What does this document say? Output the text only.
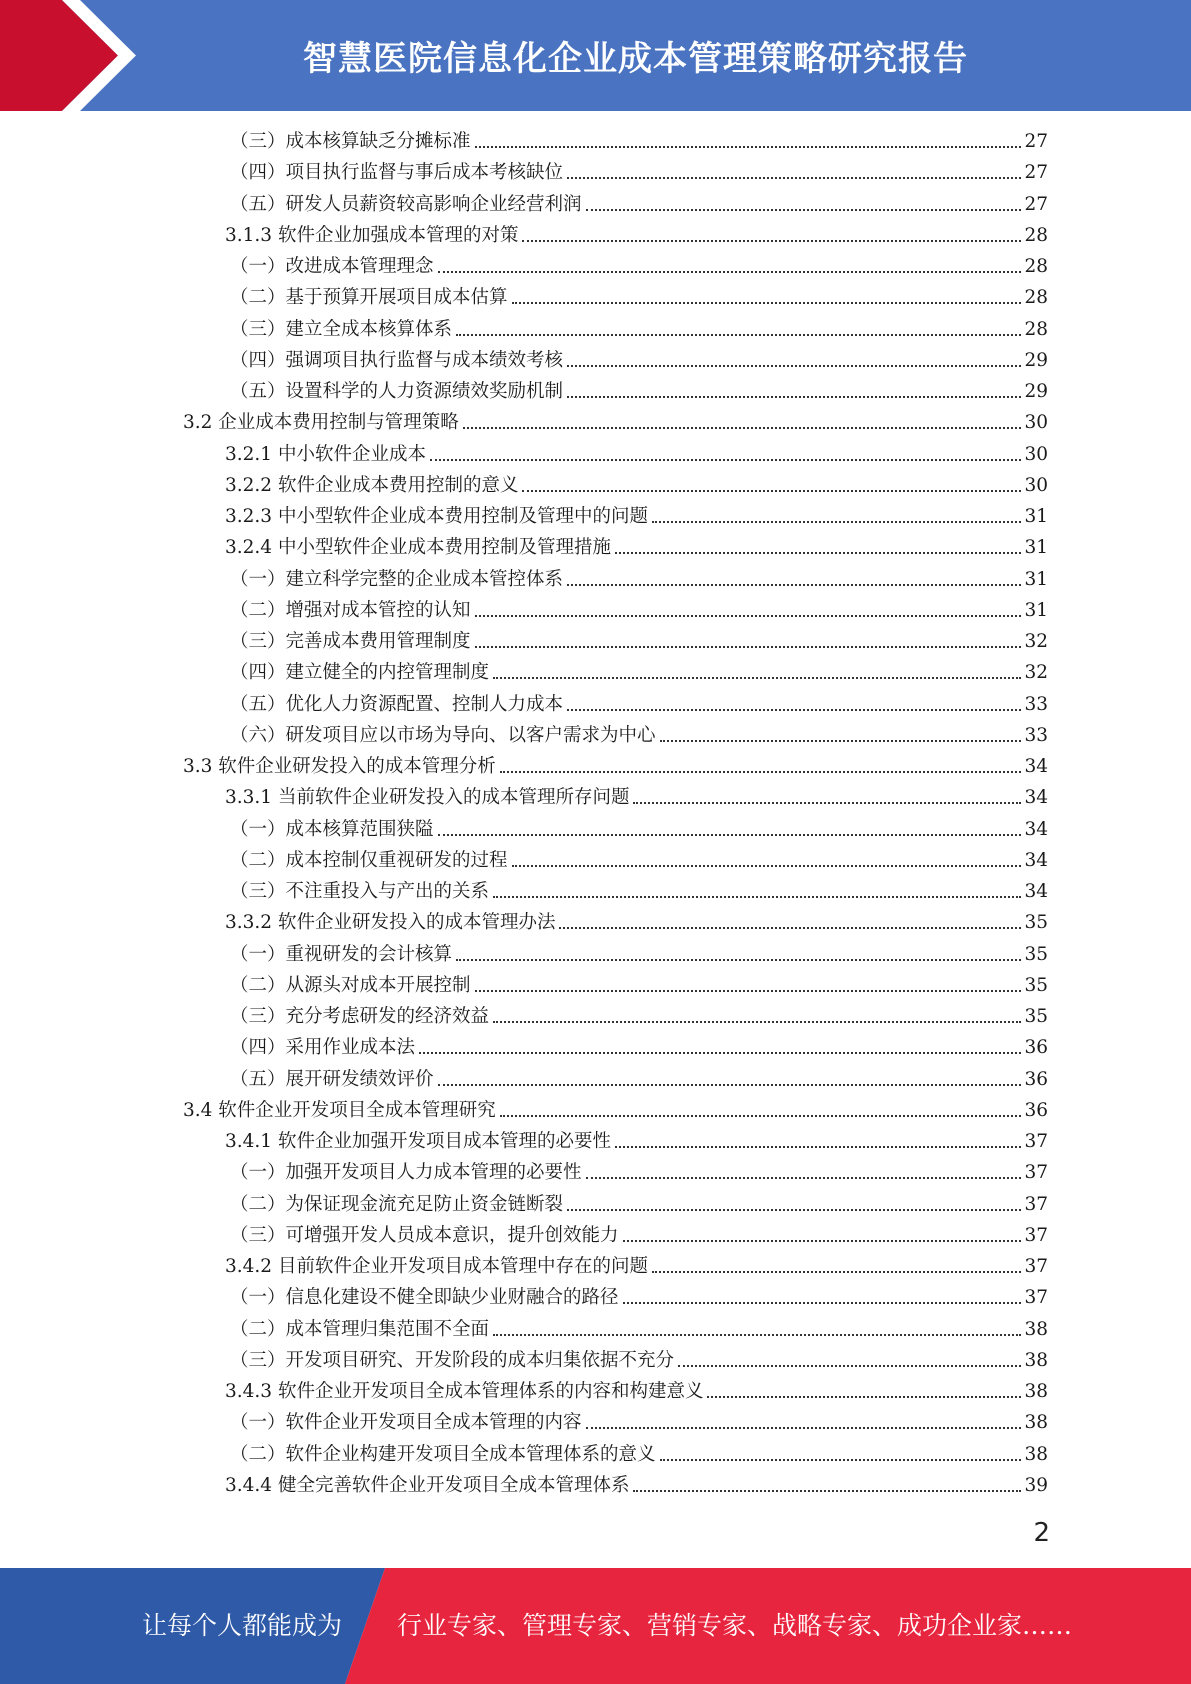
智慧医院信息化企业成本管理策略研究报告
（三）成本核算缺乏分摊标准	27
（四）项目执行监督与事后成本考核缺位	27
（五）研发人员薪资较高影响企业经营利润	27
3.1.3 软件企业加强成本管理的对策	28
（一）改进成本管理理念	28
（二）基于预算开展项目成本估算	28
（三）建立全成本核算体系	28
（四）强调项目执行监督与成本绩效考核	29
（五）设置科学的人力资源绩效奖励机制	29
3.2 企业成本费用控制与管理策略	30
3.2.1 中小软件企业成本	30
3.2.2 软件企业成本费用控制的意义	30
3.2.3 中小型软件企业成本费用控制及管理中的问题	31
3.2.4 中小型软件企业成本费用控制及管理措施	31
（一）建立科学完整的企业成本管控体系	31
（二）增强对成本管控的认知	31
（三）完善成本费用管理制度	32
（四）建立健全的内控管理制度	32
（五）优化人力资源配置、控制人力成本	33
（六）研发项目应以市场为导向、以客户需求为中心	33
3.3 软件企业研发投入的成本管理分析	34
3.3.1 当前软件企业研发投入的成本管理所存问题	34
（一）成本核算范围狭隘	34
（二）成本控制仅重视研发的过程	34
（三）不注重投入与产出的关系	34
3.3.2 软件企业研发投入的成本管理办法	35
（一）重视研发的会计核算	35
（二）从源头对成本开展控制	35
（三）充分考虑研发的经济效益	35
（四）采用作业成本法	36
（五）展开研发绩效评价	36
3.4 软件企业开发项目全成本管理研究	36
3.4.1 软件企业加强开发项目成本管理的必要性	37
（一）加强开发项目人力成本管理的必要性	37
（二）为保证现金流充足防止资金链断裂	37
（三）可增强开发人员成本意识，提升创效能力	37
3.4.2 目前软件企业开发项目成本管理中存在的问题	37
（一）信息化建设不健全即缺少业财融合的路径	37
（二）成本管理归集范围不全面	38
（三）开发项目研究、开发阶段的成本归集依据不充分	38
3.4.3 软件企业开发项目全成本管理体系的内容和构建意义	38
（一）软件企业开发项目全成本管理的内容	38
（二）软件企业构建开发项目全成本管理体系的意义	38
3.4.4 健全完善软件企业开发项目全成本管理体系	39
2
让每个人都能成为 行业专家、管理专家、营销专家、战略专家、成功企业家……
